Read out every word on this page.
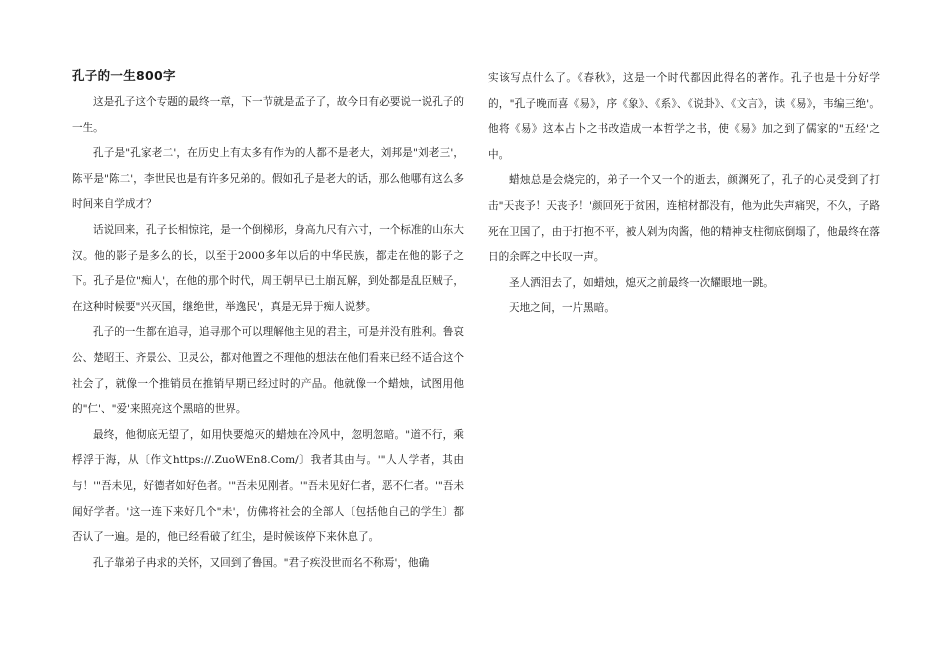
孔子的一生800字

这是孔子这个专题的最终一章，下一节就是孟子了，故今日有必要说一说孔子的一生。

孔子是"孔家老二'，在历史上有太多有作为的人都不是老大，刘邦是"刘老三'，陈平是"陈二'，李世民也是有许多兄弟的。假如孔子是老大的话，那么他哪有这么多时间来自学成才？

话说回来，孔子长相惊诧，是一个倒梯形，身高九尺有六寸，一个标准的山东大汉。他的影子是多么的长，以至于2000多年以后的中华民族，都走在他的影子之下。孔子是位"痴人'，在他的那个时代，周王朝早已土崩瓦解，到处都是乱臣贼子，在这种时候要"兴灭国，继绝世，举逸民'，真是无异于痴人说梦。

孔子的一生都在追寻，追寻那个可以理解他主见的君主，可是并没有胜利。鲁哀公、楚昭王、齐景公、卫灵公，都对他置之不理他的想法在他们看来已经不适合这个社会了，就像一个推销员在推销早期已经过时的产品。他就像一个蜡烛，试图用他的"仁'、"爱'来照亮这个黑暗的世界。

最终，他彻底无望了，如用快要熄灭的蜡烛在冷风中，忽明忽暗。"道不行，乘桴浮于海，从〔作文https://.ZuoWEn8.Com/〕我者其由与。'"人人学者，其由与！'"吾未见，好德者如好色者。'"吾未见刚者。'"吾未见好仁者，恶不仁者。'"吾未闻好学者。'这一连下来好几个"未'，仿佛将社会的全部人〔包括他自己的学生〕都否认了一遍。是的，他已经看破了红尘，是时候该停下来休息了。

孔子靠弟子冉求的关怀，又回到了鲁国。"君子疾没世而名不称焉'，他确

实该写点什么了。《春秋》，这是一个时代都因此得名的著作。孔子也是十分好学的，"孔子晚而喜《易》，序《象》、《系》、《说卦》、《文言》，读《易》，韦编三绝'。他将《易》这本占卜之书改造成一本哲学之书，使《易》加之到了儒家的"五经'之中。

蜡烛总是会烧完的，弟子一个又一个的逝去，颜渊死了，孔子的心灵受到了打击"天丧予！天丧予！'颜回死于贫困，连棺材都没有，他为此失声痛哭，不久，子路死在卫国了，由于打抱不平，被人剁为肉酱，他的精神支柱彻底倒塌了，他最终在落日的余晖之中长叹一声。

圣人洒泪去了，如蜡烛，熄灭之前最终一次耀眼地一跳。

天地之间，一片黑暗。
